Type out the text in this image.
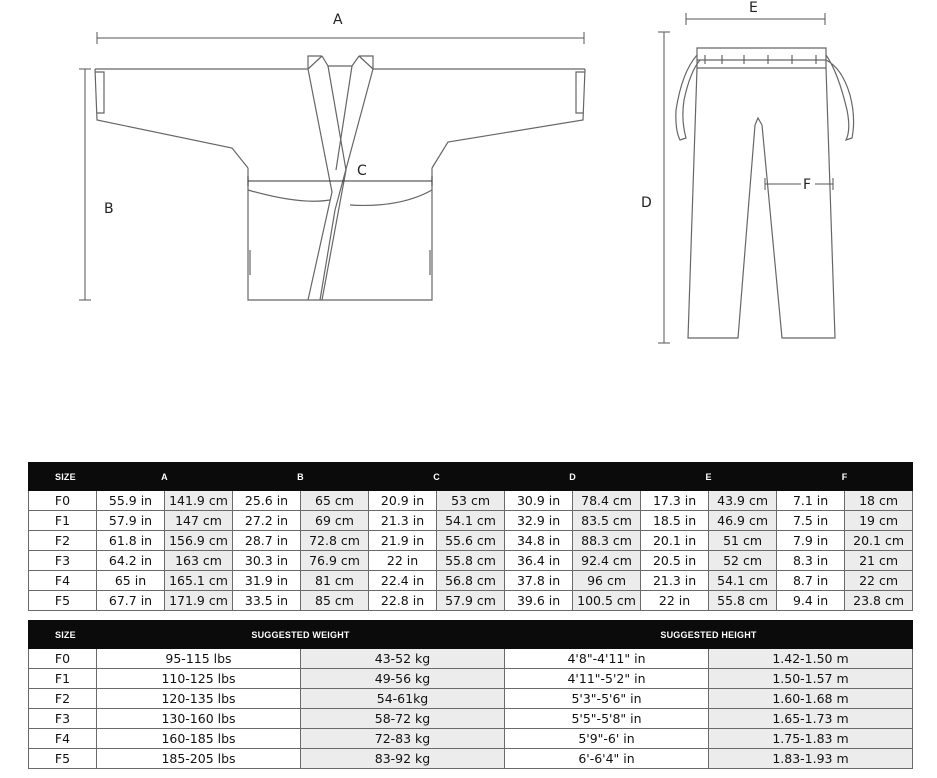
A
B
C
D
E
F
SIZE	A		B		C		D		E		F	
F0	55.9 in	141.9 cm	25.6 in	65 cm	20.9 in	53 cm	30.9 in	78.4 cm	17.3 in	43.9 cm	7.1 in	18 cm
F1	57.9 in	147 cm	27.2 in	69 cm	21.3 in	54.1 cm	32.9 in	83.5 cm	18.5 in	46.9 cm	7.5 in	19 cm
F2	61.8 in	156.9 cm	28.7 in	72.8 cm	21.9 in	55.6 cm	34.8 in	88.3 cm	20.1 in	51 cm	7.9 in	20.1 cm
F3	64.2 in	163 cm	30.3 in	76.9 cm	22 in	55.8 cm	36.4 in	92.4 cm	20.5 in	52 cm	8.3 in	21 cm
F4	65 in	165.1 cm	31.9 in	81 cm	22.4 in	56.8 cm	37.8 in	96 cm	21.3 in	54.1 cm	8.7 in	22 cm
F5	67.7 in	171.9 cm	33.5 in	85 cm	22.8 in	57.9 cm	39.6 in	100.5 cm	22 in	55.8 cm	9.4 in	23.8 cm
SIZE	SUGGESTED WEIGHT		SUGGESTED HEIGHT	
F0	95-115 lbs	43-52 kg	4'8"-4'11" in	1.42-1.50 m
F1	110-125 lbs	49-56 kg	4'11"-5'2" in	1.50-1.57 m
F2	120-135 lbs	54-61kg	5'3"-5'6" in	1.60-1.68 m
F3	130-160 lbs	58-72 kg	5'5"-5'8" in	1.65-1.73 m
F4	160-185 lbs	72-83 kg	5'9"-6' in	1.75-1.83 m
F5	185-205 lbs	83-92 kg	6'-6'4" in	1.83-1.93 m
